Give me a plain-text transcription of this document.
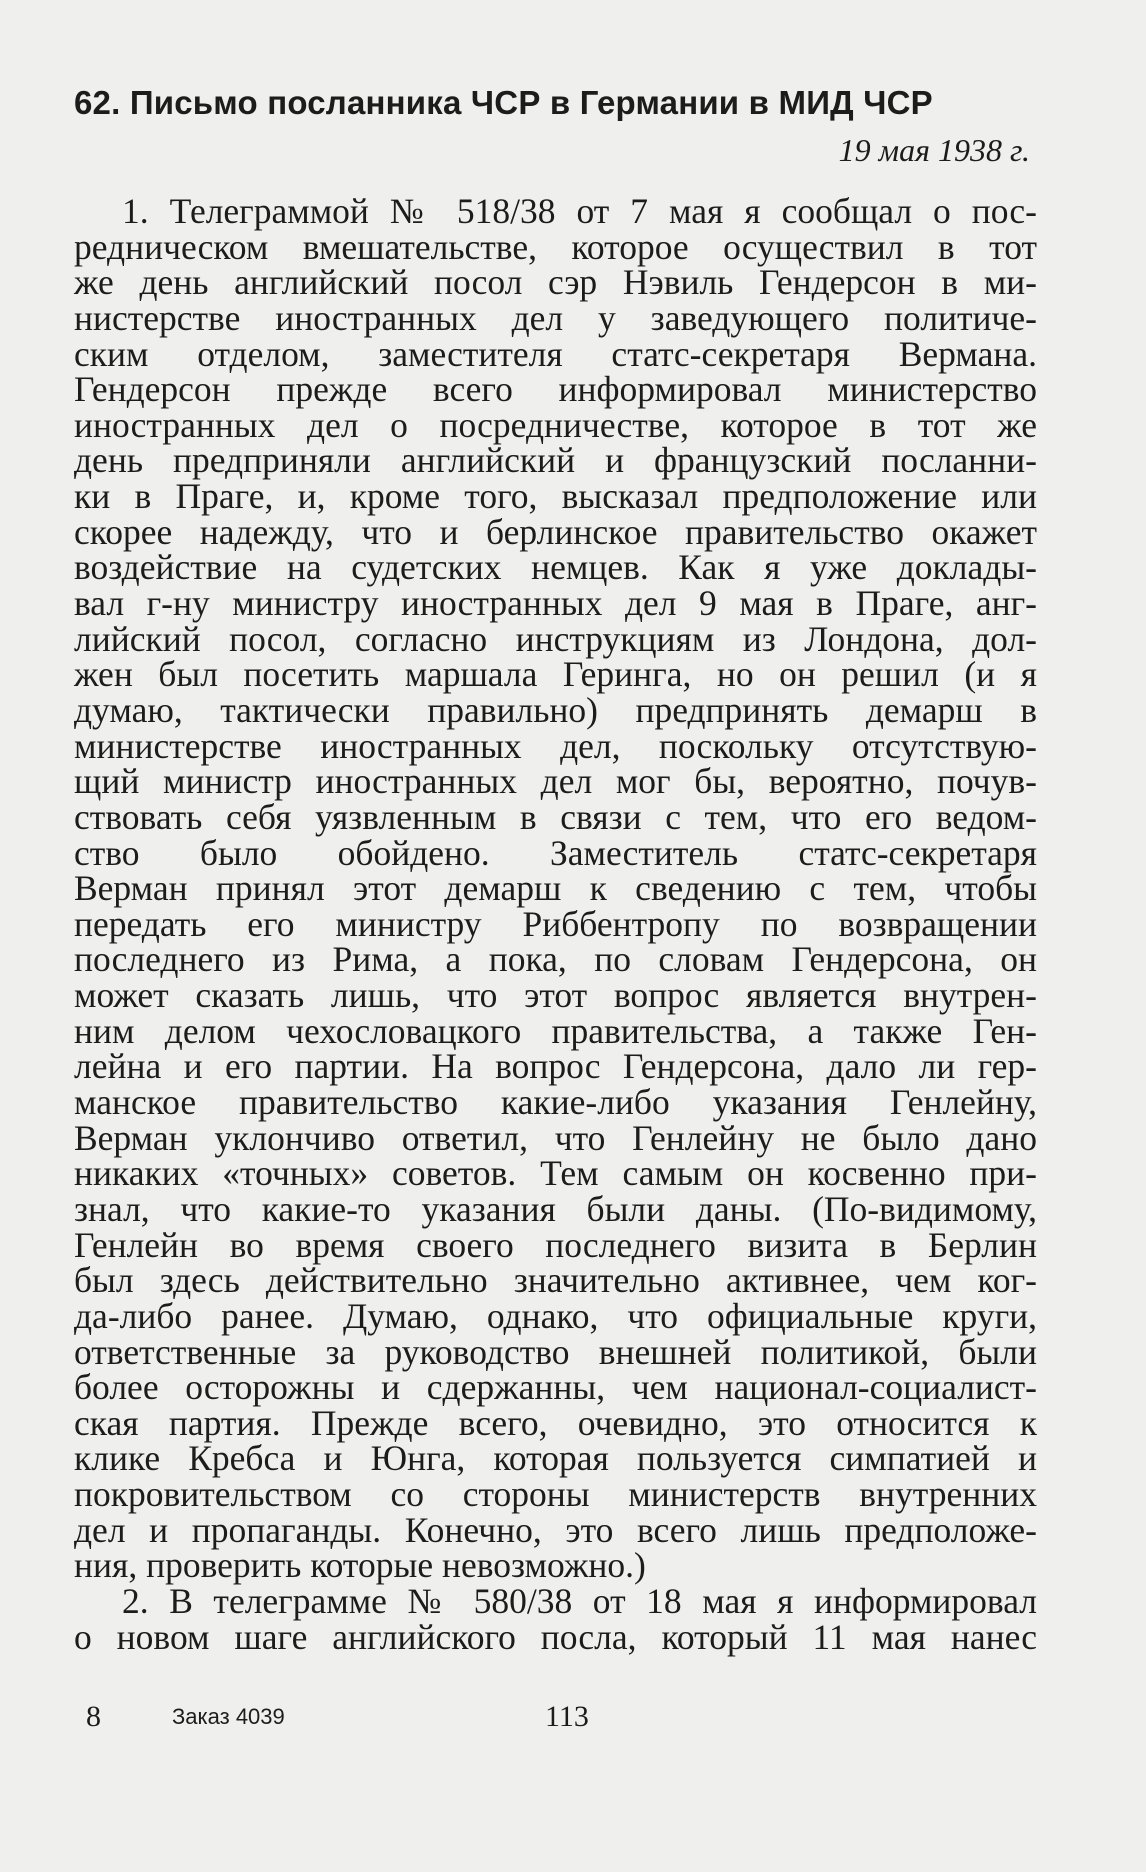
62. Письмо посланника ЧСР в Германии в МИД ЧСР
19 мая 1938 г.
1. Телеграммой № 518/38 от 7 мая я сообщал о пос-
редническом вмешательстве, которое осуществил в тот
же день английский посол сэр Нэвиль Гендерсон в ми-
нистерстве иностранных дел у заведующего политиче-
ским отделом, заместителя статс-секретаря Вермана.
Гендерсон прежде всего информировал министерство
иностранных дел о посредничестве, которое в тот же
день предприняли английский и французский посланни-
ки в Праге, и, кроме того, высказал предположение или
скорее надежду, что и берлинское правительство окажет
воздействие на судетских немцев. Как я уже доклады-
вал г-ну министру иностранных дел 9 мая в Праге, анг-
лийский посол, согласно инструкциям из Лондона, дол-
жен был посетить маршала Геринга, но он решил (и я
думаю, тактически правильно) предпринять демарш в
министерстве иностранных дел, поскольку отсутствую-
щий министр иностранных дел мог бы, вероятно, почув-
ствовать себя уязвленным в связи с тем, что его ведом-
ство было обойдено. Заместитель статс-секретаря
Верман принял этот демарш к сведению с тем, чтобы
передать его министру Риббентропу по возвращении
последнего из Рима, а пока, по словам Гендерсона, он
может сказать лишь, что этот вопрос является внутрен-
ним делом чехословацкого правительства, а также Ген-
лейна и его партии. На вопрос Гендерсона, дало ли гер-
манское правительство какие-либо указания Генлейну,
Верман уклончиво ответил, что Генлейну не было дано
никаких «точных» советов. Тем самым он косвенно при-
знал, что какие-то указания были даны. (По-видимому,
Генлейн во время своего последнего визита в Берлин
был здесь действительно значительно активнее, чем ког-
да-либо ранее. Думаю, однако, что официальные круги,
ответственные за руководство внешней политикой, были
более осторожны и сдержанны, чем национал-социалист-
ская партия. Прежде всего, очевидно, это относится к
клике Кребса и Юнга, которая пользуется симпатией и
покровительством со стороны министерств внутренних
дел и пропаганды. Конечно, это всего лишь предположе-
ния, проверить которые невозможно.)
2. В телеграмме № 580/38 от 18 мая я информировал
о новом шаге английского посла, который 11 мая нанес
8	Заказ 4039	113
